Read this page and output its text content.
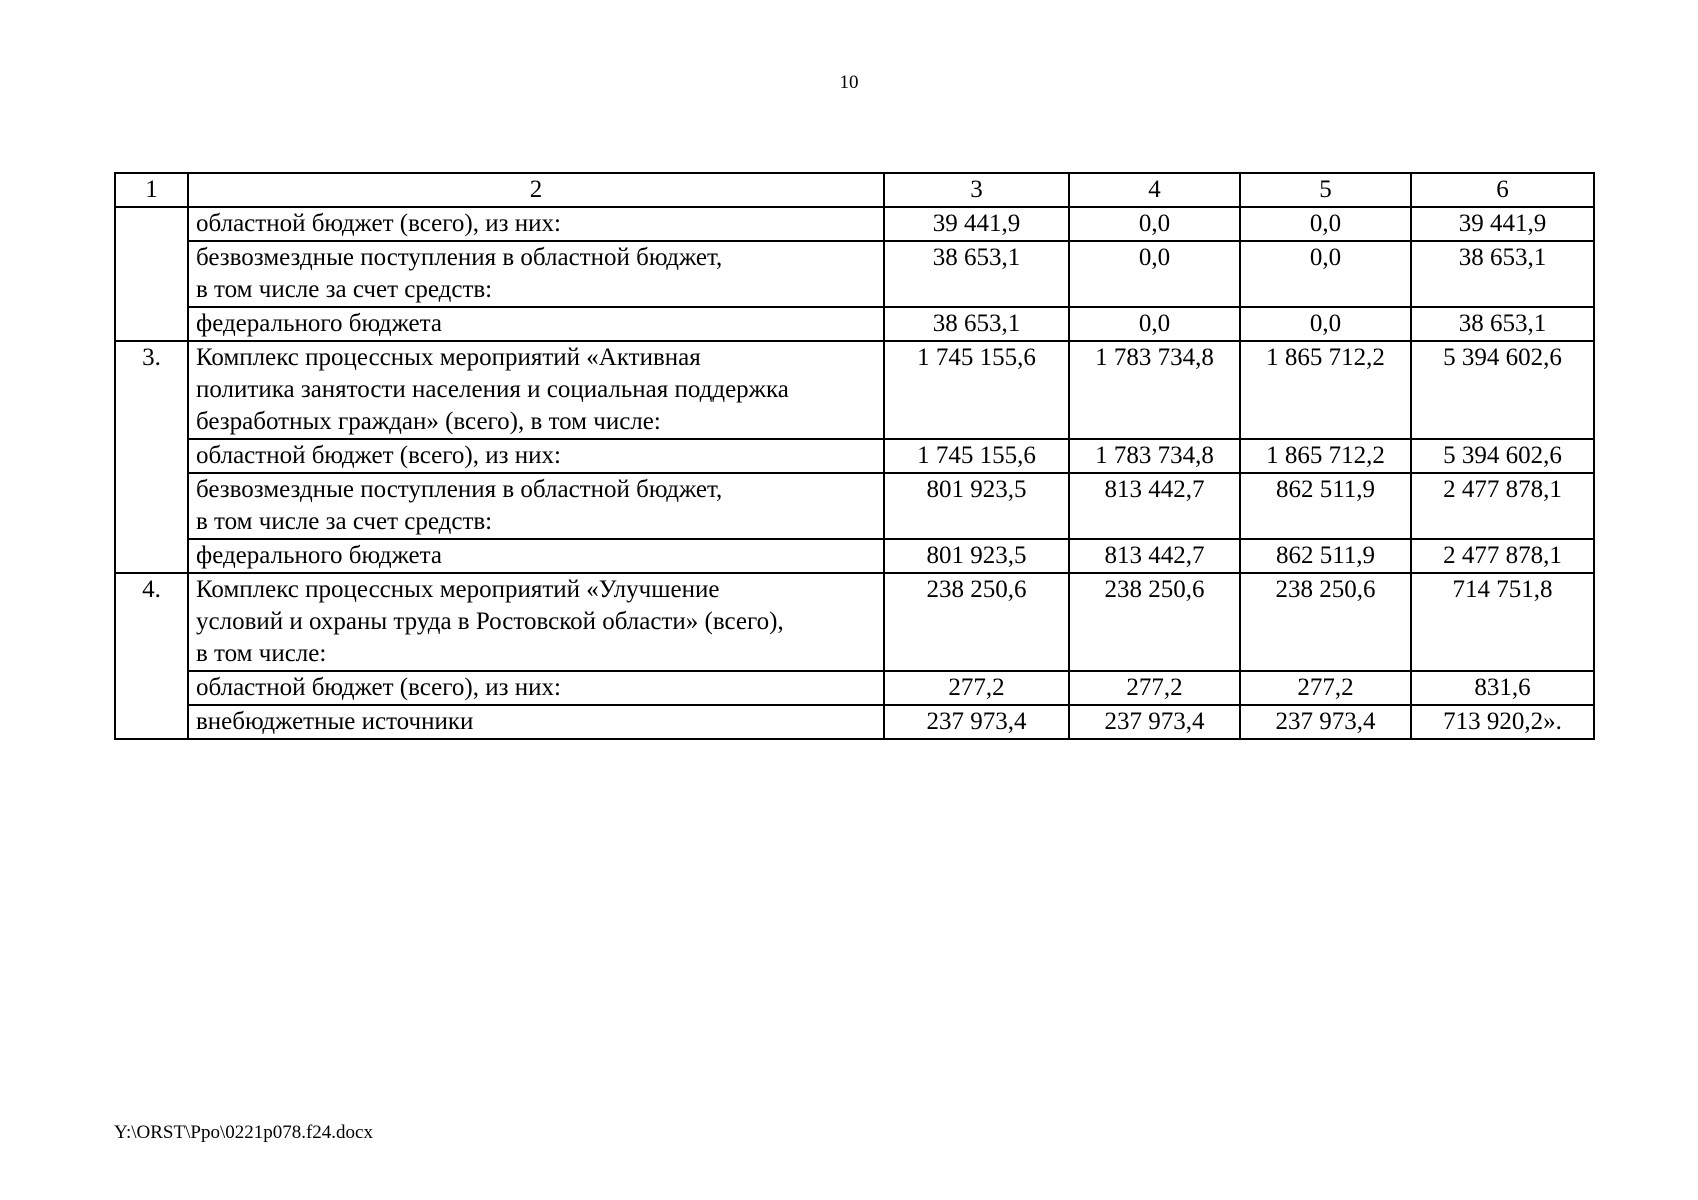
10
1	2	3	4	5	6
	областной бюджет (всего), из них:	39 441,9	0,0	0,0	39 441,9
	безвозмездные поступления в областной бюджет,
в том числе за счет средств:	38 653,1	0,0	0,0	38 653,1
	федерального бюджета	38 653,1	0,0	0,0	38 653,1
3.	Комплекс процессных мероприятий «Активная
политика занятости населения и социальная поддержка
безработных граждан» (всего), в том числе:	1 745 155,6	1 783 734,8	1 865 712,2	5 394 602,6
	областной бюджет (всего), из них:	1 745 155,6	1 783 734,8	1 865 712,2	5 394 602,6
	безвозмездные поступления в областной бюджет,
в том числе за счет средств:	801 923,5	813 442,7	862 511,9	2 477 878,1
	федерального бюджета	801 923,5	813 442,7	862 511,9	2 477 878,1
4.	Комплекс процессных мероприятий «Улучшение
условий и охраны труда в Ростовской области» (всего),
в том числе:	238 250,6	238 250,6	238 250,6	714 751,8
	областной бюджет (всего), из них:	277,2	277,2	277,2	831,6
	внебюджетные источники	237 973,4	237 973,4	237 973,4	713 920,2».
Y:\ORST\Ppo\0221p078.f24.docx
